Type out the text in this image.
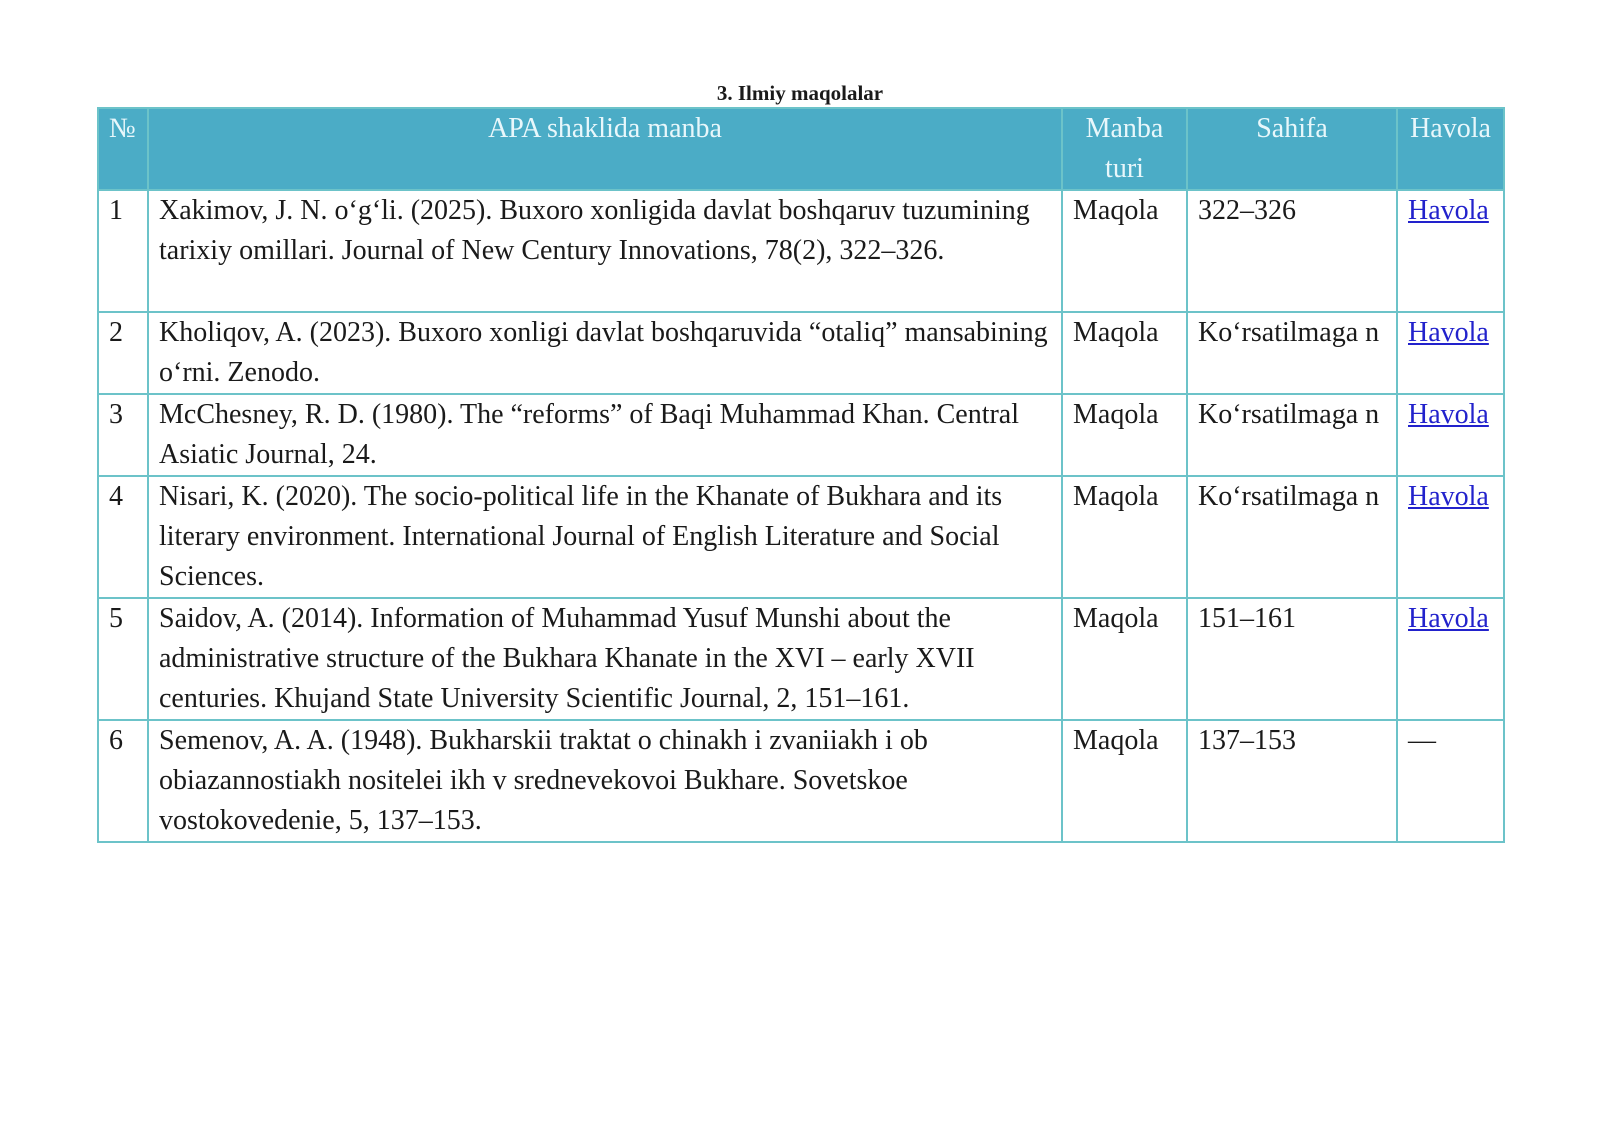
3. Ilmiy maqolalar
№	APA shaklida manba	Manba turi	Sahifa	Havola
1	Xakimov, J. N. o‘g‘li. (2025). Buxoro xonligida davlat boshqaruv tuzumining tarixiy omillari. Journal of New Century Innovations, 78(2), 322–326.	Maqola	322–326	Havola
2	Kholiqov, A. (2023). Buxoro xonligi davlat boshqaruvida “otaliq” mansabining o‘rni. Zenodo.	Maqola	Ko‘rsatilmaga n	Havola
3	McChesney, R. D. (1980). The “reforms” of Baqi Muhammad Khan. Central Asiatic Journal, 24.	Maqola	Ko‘rsatilmaga n	Havola
4	Nisari, K. (2020). The socio-political life in the Khanate of Bukhara and its literary environment. International Journal of English Literature and Social Sciences.	Maqola	Ko‘rsatilmaga n	Havola
5	Saidov, A. (2014). Information of Muhammad Yusuf Munshi about the administrative structure of the Bukhara Khanate in the XVI – early XVII centuries. Khujand State University Scientific Journal, 2, 151–161.	Maqola	151–161	Havola
6	Semenov, A. A. (1948). Bukharskii traktat o chinakh i zvaniiakh i ob obiazannostiakh nositelei ikh v srednevekovoi Bukhare. Sovetskoe vostokovedenie, 5, 137–153.	Maqola	137–153	—
